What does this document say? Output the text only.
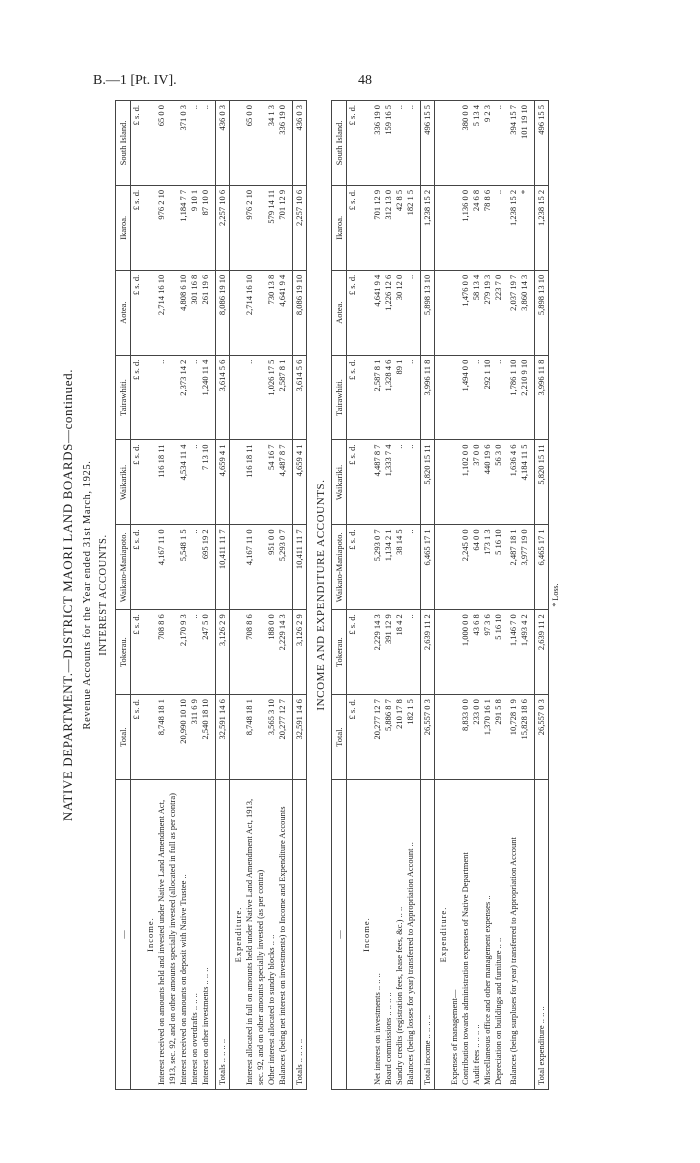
B.—1 [Pt. IV].	48
NATIVE DEPARTMENT.—DISTRICT MAORI LAND BOARDS—continued. Revenue Accounts for the Year ended 31st March, 1925. INTEREST ACCOUNTS.
—	Total.	Tokerau.	Waikato-Maniapoto.	Waikariki.	Tairawhiti.	Aotea.	Ikaroa.	South Island.
	£ s. d.	£ s. d.	£ s. d.	£ s. d.	£ s. d.	£ s. d.	£ s. d.	£ s. d.
Income.								
Interest received on amounts held and invested under Native Land Amendment Act, 1913, sec. 92, and on other amounts specially invested (allocated in full as per contra)	8,748 18 1	708 8 6	4,167 11 0	116 18 11	..	2,714 16 10	976 2 10	65 0 0
Interest received on amounts on deposit with Native Trustee ..	20,990 10 10	2,170 9 3	5,548 1 5	4,534 11 4	2,373 14 2	4,808 6 10	1,184 7 7	371 0 3
Interest on overdrafts .. .. ..	311 6 9	..	..	..	..	301 16 8	9 10 1	..
Interest on other investments .. .. ..	2,540 18 10	247 5 0	695 19 2	7 13 10	1,240 11 4	261 19 6	87 10 0	..

Totals .. .. .. ..	32,591 14 6	3,126 2 9	10,411 11 7	4,659 4 1	3,614 5 6	8,086 19 10	2,257 10 6	436 0 3
Expenditure.								
Interest allocated in full on amounts held under Native Land Amendment Act, 1913, sec. 92, and on other amounts specially invested (as per contra)	8,748 18 1	708 8 6	4,167 11 0	116 18 11	..	2,714 16 10	976 2 10	65 0 0
Other interest allocated to sundry blocks .. ..	3,565 3 10	188 0 0	951 0 0	54 16 7	1,026 17 5	730 13 8	579 14 11	34 1 3
Balances (being net interest on investments) to Income and Expenditure Accounts	20,277 12 7	2,229 14 3	5,293 0 7	4,487 8 7	2,587 8 1	4,641 9 4	701 12 9	336 19 0

Totals .. .. .. ..	32,591 14 6	3,126 2 9	10,411 11 7	4,659 4 1	3,614 5 6	8,086 19 10	2,257 10 6	436 0 3
INCOME AND EXPENDITURE ACCOUNTS.
—	Total.	Tokerau.	Waikato-Maniapoto.	Waikariki.	Tairawhiti.	Aotea.	Ikaroa.	South Island.
	£ s. d.	£ s. d.	£ s. d.	£ s. d.	£ s. d.	£ s. d.	£ s. d.	£ s. d.
Income.								
Net interest on investments .. .. ..	20,277 12 7	2,229 14 3	5,293 0 7	4,487 8 7	2,587 8 1	4,641 9 4	701 12 9	336 19 0
Board commissions .. .. .. ..	5,886 8 7	391 12 9	1,134 2 1	1,333 7 4	1,328 4 6	1,226 12 6	312 13 0	159 16 5
Sundry credits (registration fees, lease fees, &c.) .. ..	210 17 8	18 4 2	38 14 5	..	89 1	30 12 0	42 8 5	..
Balances (being losses for year) transferred to Appropriation Account ..	182 1 5	..	..	..	..	..	182 1 5	..

Total income .. .. .. ..	26,557 0 3	2,639 11 2	6,465 17 1	5,820 15 11	3,996 11 8	5,898 13 10	1,238 15 2	496 15 5
Expenditure.								
Expenses of management—								
Contribution towards administration expenses of Native Department	8,833 0 0	1,000 0 0	2,245 0 0	1,102 0 0	1,494 0 0	1,476 0 0	1,136 0 0	380 0 0
Audit fees .. .. .. ..	233 0 0	43 6 8	64 0 0	37 0 0	..	58 13 4	24 6 8	5 13 4
Miscellaneous office and other management expenses ..	1,370 16 1	97 3 6	173 1 3	440 19 6	292 1 10	279 19 3	78 8 6	9 2 3
Depreciation on buildings and furniture .. ..	291 5 8	5 16 10	5 16 10	56 3 0	..	223 7 0	..	..

Balances (being surpluses for year) transferred to Appropriation Account	10,728 1 9	1,146 7 0	2,487 18 1	1,636 4 6	1,786 1 10	2,037 19 7	1,238 15 2	394 15 7
	15,828 18 6	1,493 4 2	3,977 19 0	4,184 11 5	2,210 9 10	3,860 14 3	*	101 19 10

Total expenditure .. .. ..	26,557 0 3	2,639 11 2	6,465 17 1	5,820 15 11	3,996 11 8	5,898 13 10	1,238 15 2	496 15 5
* Loss.
